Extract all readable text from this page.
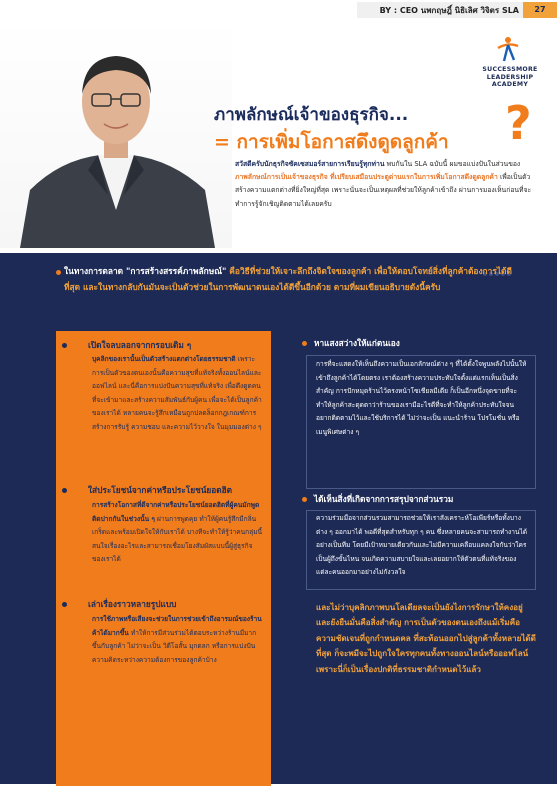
BY : CEO นพกฤษฎิ์ นิธิเลิศ วิจิตร SLA	27
SUCCESSMORE
LEADERSHIP
ACADEMY
ภาพลักษณ์เจ้าของธุรกิจ...
= การเพิ่มโอกาสดึงดูดลูกค้า ?
สวัสดีครับนักธุรกิจซัคเซสมอร์สายการเรียนรู้ทุกท่าน พบกันใน SLA ฉบับนี้ ผมขอแบ่งปันในส่วนของ ภาพลักษณ์การเป็นเจ้าของธุรกิจ ที่เปรียบเสมือนประตูด่านแรกในการเพิ่มโอกาสดึงดูดลูกค้า เพื่อเป็นตัวสร้างความแตกต่างที่ยิ่งใหญ่ที่สุด เพราะนั่นจะเป็นเหตุผลที่ช่วยให้ลูกค้าเข้าถึง ผ่านการมองเห็นก่อนที่จะทำการรู้จักเชิญติดตามได้เลยครับ
ในทางการตลาด "การสร้างสรรค์ภาพลักษณ์" คือวิธีที่ช่วยให้เจาะลึกถึงจิตใจของลูกค้า เพื่อให้ตอบโจทย์สิ่งที่ลูกค้าต้องการได้ดีที่สุด และในทางกลับกันมันจะเป็นตัวช่วยในการพัฒนาตนเองได้ดีขึ้นอีกด้วย ตามที่ผมเขียนอธิบายดังนี้ครับ
เปิดใจลบลอกจากกรอบเดิม ๆ
บุคลิกของเรานั้นเป็นตัวสร้างแตกต่างโดยธรรมชาติ เพราะการเป็นตัวของตนเองนั้นคือความสุขที่แท้จริงทั้งออนไลน์และออฟไลน์ และนี่คือการแบ่งปันความสุขที่แท้จริง เพื่อดึงดูดคนที่จะเข้ามาและสร้างความสัมพันธ์กับผู้คน เพื่อจะได้เป็นลูกค้าของเราได้ หลายคนจะรู้สึกเหมือนถูกปลดล็อกกฎเกณฑ์การสร้างการรับรู้ ความชอบ และความไว้วางใจ ในมุมมองต่าง ๆ
ใส่ประโยชน์จากค่าหรือประโยชน์ยอดฮิต
การสร้างโอกาสที่ดีจากค่าหรือประโยชน์ยอดฮิตที่ผู้คนมักพูดติดปากกันในช่วงนั้น ๆ ผ่านการพูดคุย ทำให้ผู้คนรู้สึกมีกลิ่นเกร็ดและพร้อมเปิดใจให้กับเราได้ บางทีจะทำให้รู้ว่าคนกลุ่มนี้สนใจเรื่องอะไรและสามารถเชื่อมโยงสัมผัสแบบนี้ผู้สู่ธุรกิจของเราได้
เล่าเรื่องราวหลายรูปแบบ
การใช้ภาพหรือเสียงจะช่วยในการช่วยเข้าถึงอารมณ์ของร้านค้าได้มากขึ้น ทำให้การมีส่วนร่วมได้ตอบระหว่างร้านมีมากขึ้นกับลูกค้า ไม่ว่าจะเป็น วิดีโอสั้น มุกตลก หรือการแบ่งปันความคิดระหว่างความต้องการของลูกค้าบ้าง
หาแสงสว่างให้แก่ตนเอง
การที่จะแสดงให้เห็นถึงความเป็นเอกลักษณ์ต่าง ๆ ที่ได้ตั้งใจพูนพลังไปนั้นให้เข้าถึงลูกค้าได้โดยตรง เราต้องสร้างความประทับใจตั้งแต่แรกเห็นเป็นสิ่งสำคัญ การปักหมุดร้านไว้ตรงหน้าโซเชียลมีเดีย ก็เป็นอีกหนึ่งจุดขายที่จะทำให้ลูกค้าสะดุดตาว่าร้านของเรามีอะไรดีที่จะทำให้ลูกค้าประทับใจจนอยากติดตามไว้และใช้บริการได้ ไม่ว่าจะเป็น แนะนำร้าน โปรโมชั่น หรือเมนูพิเศษต่าง ๆ
ได้เห็นสิ่งที่เกิดจากการสรุปจากส่วนรวม
ความร่วมมือจากส่วนรวมสามารถช่วยให้เราสังเคราะห์โอเพียร์หรือทั้งบางต่าง ๆ ออกมาได้ พอดีที่สุดสำหรับทุก ๆ คน ซึ่งหลายคนจะสามารถทำงานได้อย่างเป็นทีม โดยมีเป้าหมายเดียวกันและไม่มีความเคลือบแคลงใจกันว่าใครเป็นผู้ถึงขั้นไหน จนเกิดความสบายใจและเลยอยากให้ตัวตนที่แท้จริงของแต่ละคนออกมาอย่างไม่กังวลใจ
และไม่ว่าบุคลิกภาพบนโลเดียลจะเป็นยังไงการรักษาให้คงอยู่และยังยืนมั่นคือสิ่งสำคัญ การเป็นตัวของตนเองถึงแม้เริ่มคือความชัดเจนที่ถูกกำหนดคล ที่สะท้อนออกไปสู่ลูกค้าทั้งหลายได้ดีที่สุด ก็จะพมีจะไปถูกใจใครทุกคนทั้งทางออนไลน์หรือออฟไลน์ เพราะนี่ก็เป็นเรื่องปกติที่ธรรมชาติกำหนดไว้แล้ว
